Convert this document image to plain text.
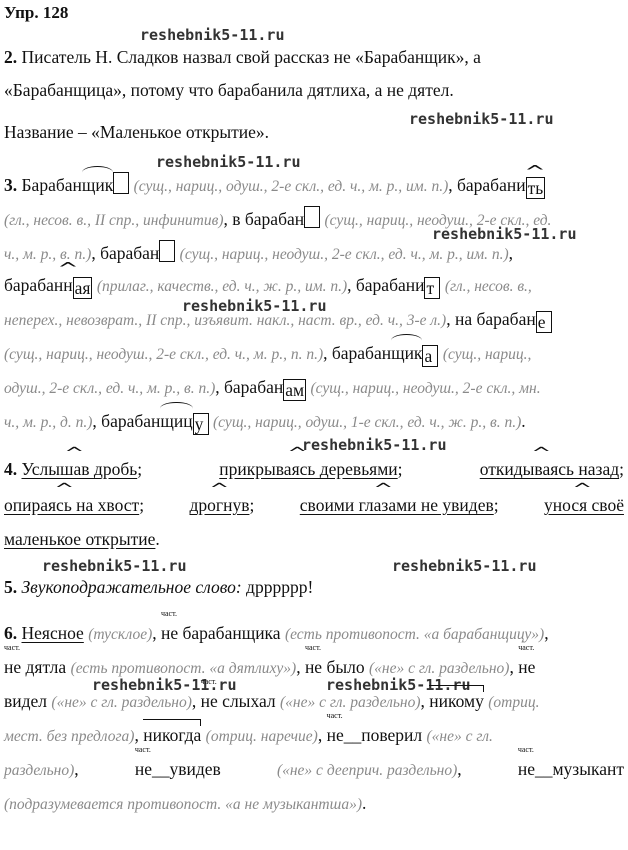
Упр. 128
reshebnik5-11.ru
reshebnik5-11.ru
reshebnik5-11.ru
reshebnik5-11.ru
reshebnik5-11.ru
reshebnik5-11.ru
reshebnik5-11.ru	reshebnik5-11.ru
reshebnik5-11.ru	reshebnik5-11.ru
2. Писатель Н. Сладков назвал свой рассказ не «Барабанщик», а
«Барабанщица», потому что барабанила дятлиха, а не дятел.
Название – «Маленькое открытие».
3. Барабанщик (сущ., нариц., одуш., 2-е скл., ед. ч., м. р., им. п.), барабани ^ ть
(гл., несов. в., II спр., инфинитив), в барабан (сущ., нариц., неодуш., 2-е скл., ед.
ч., м. р., в. п.), барабан (сущ., нариц., неодуш., 2-е скл., ед. ч., м. р., им. п.),
барабан^ н ая (прилаг., качеств., ед. ч., ж. р., им. п.), барабани т (гл., несов. в.,
неперех., невозврат., II спр., изъявит. накл., наст. вр., ед. ч., 3-е л.), на барабан е
(сущ., нариц., неодуш., 2-е скл., ед. ч., м. р., п. п.), барабанщик а (сущ., нариц.,
одуш., 2-е скл., ед. ч., м. р., в. п.), барабан ам (сущ., нариц., неодуш., 2-е скл., мн.
ч., м. р., д. п.), барабанщиц у (сущ., нариц., одуш., 1-е скл., ед. ч., ж. р., в. п.).
4. ^ Услышав дробь;	^ прикрываясь деревьями;	^ откидываясь назад;
^ опираясь на хвост;	^ дрогнув;	^ своими глазами не увидев;	^ унося своё
маленькое открытие.
5. Звукоподражательное слово: дрррррр!
6. Неясное (тусклое), част. не барабанщика (есть противопост. «а барабанщицу»),
част. не дятла (есть противопост. «а дятлиху»), част. не было («не» с гл. раздельно), част. не
видел («не» с гл. раздельно), част. не слыхал («не» с гл. раздельно), никому (отриц.
мест. без предлога), никогда (отриц. наречие), част. не__поверил («не» с гл.
раздельно),	част. не__увидев	(«не» с дееприч. раздельно),	част. не__музыкант
(подразумевается противопост. «а не музыкантша»).
